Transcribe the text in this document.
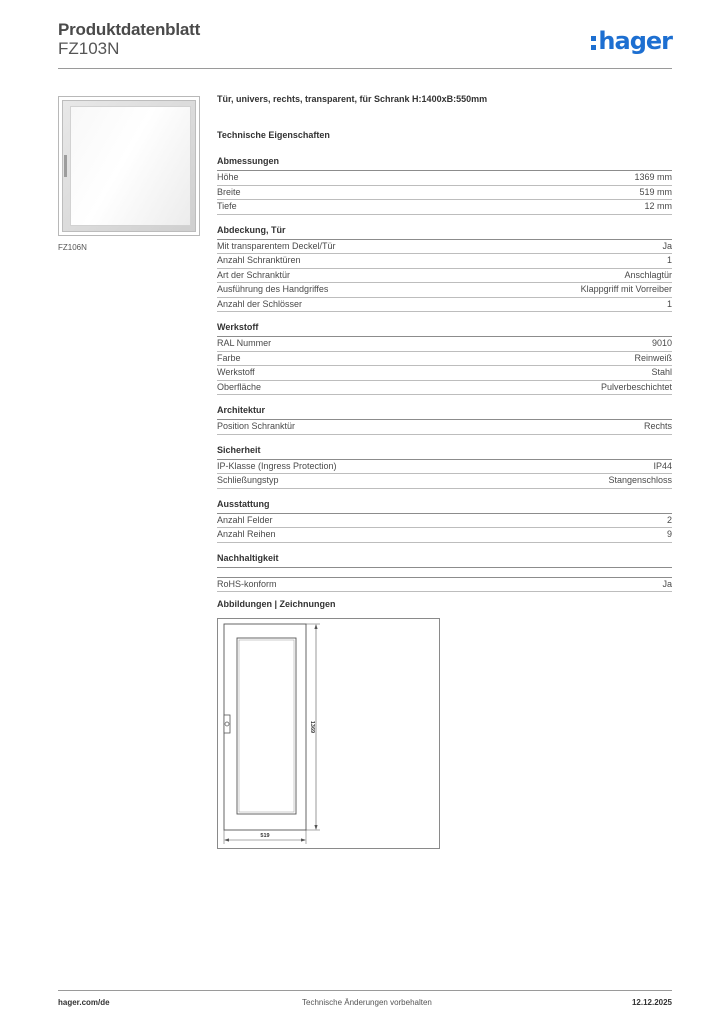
Produktdatenblatt
FZ103N	hager
FZ106N
Tür, univers, rechts, transparent, für Schrank H:1400xB:550mm
Technische Eigenschaften
Abmessungen
Höhe	1369 mm
Breite	519 mm
Tiefe	12 mm
Abdeckung, Tür
Mit transparentem Deckel/Tür	Ja
Anzahl Schranktüren	1
Art der Schranktür	Anschlagtür
Ausführung des Handgriffes	Klappgriff mit Vorreiber
Anzahl der Schlösser	1
Werkstoff
RAL Nummer	9010
Farbe	Reinweiß
Werkstoff	Stahl
Oberfläche	Pulverbeschichtet
Architektur
Position Schranktür	Rechts
Sicherheit
IP-Klasse (Ingress Protection)	IP44
Schließungstyp	Stangenschloss
Ausstattung
Anzahl Felder	2
Anzahl Reihen	9
Nachhaltigkeit
RoHS-konform	Ja
Abbildungen | Zeichnungen
1369
519
hager.com/de	Technische Änderungen vorbehalten	12.12.2025
